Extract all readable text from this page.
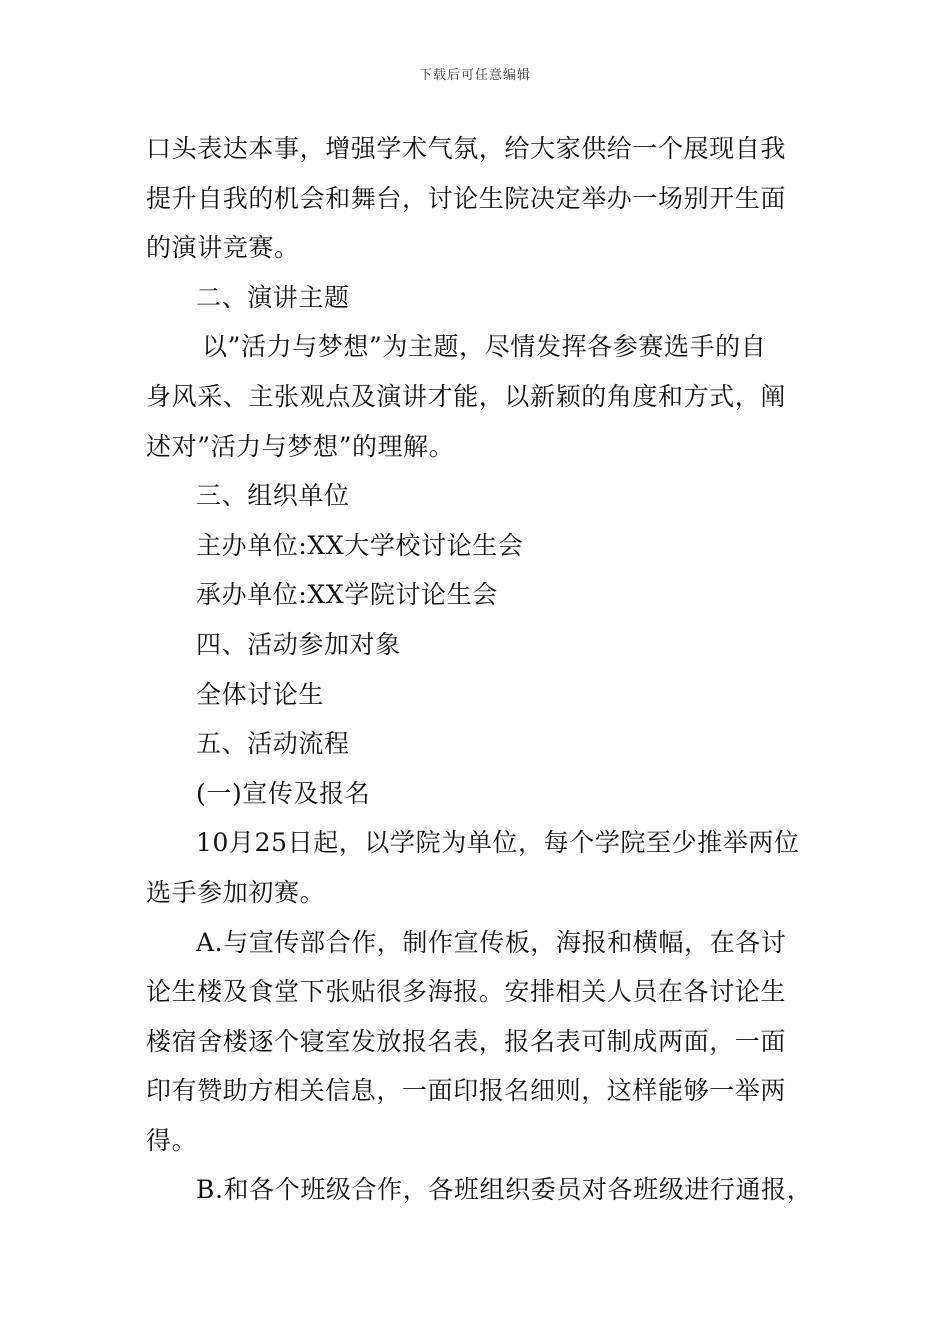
下载后可任意编辑
口头表达本事，增强学术气氛，给大家供给一个展现自我
提升自我的机会和舞台，讨论生院决定举办一场别开生面
的演讲竞赛。
二、演讲主题
以”活力与梦想”为主题，尽情发挥各参赛选手的自
身风采、主张观点及演讲才能，以新颖的角度和方式，阐
述对”活力与梦想”的理解。
三、组织单位
主办单位:XX大学校讨论生会
承办单位:XX学院讨论生会
四、活动参加对象
全体讨论生
五、活动流程
(一)宣传及报名
10月25日起，以学院为单位，每个学院至少推举两位
选手参加初赛。
A.与宣传部合作，制作宣传板，海报和横幅，在各讨
论生楼及食堂下张贴很多海报。安排相关人员在各讨论生
楼宿舍楼逐个寝室发放报名表，报名表可制成两面，一面
印有赞助方相关信息，一面印报名细则，这样能够一举两
得。
B.和各个班级合作，各班组织委员对各班级进行通报，
